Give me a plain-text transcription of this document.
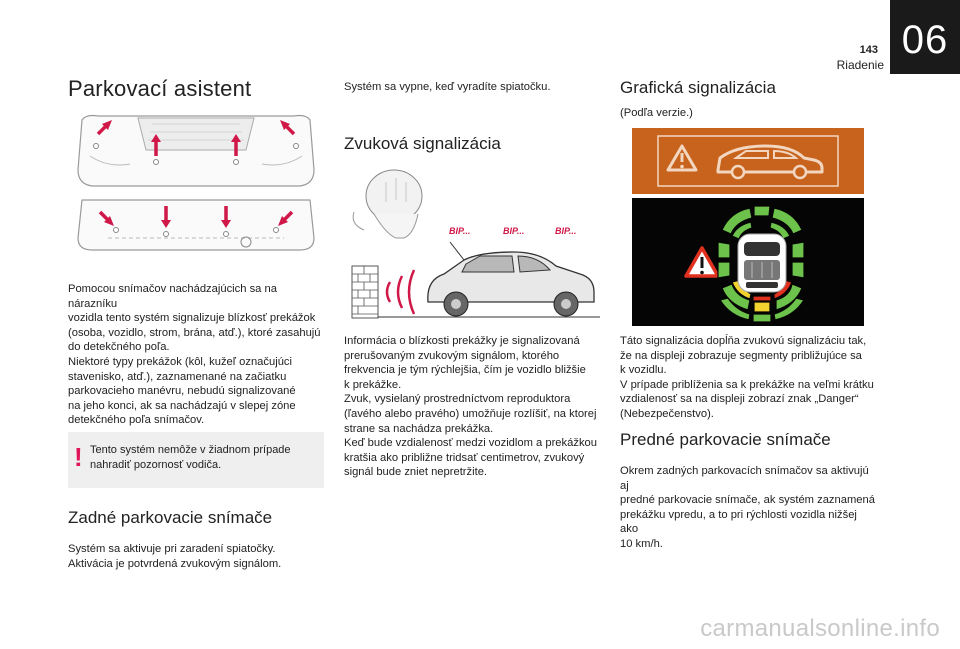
143
Riadenie
06
Parkovací asistent

Pomocou snímačov nachádzajúcich sa na nárazníku
vozidla tento systém signalizuje blízkosť prekážok
(osoba, vozidlo, strom, brána, atď.), ktoré zasahujú
do detekčného poľa.
Niektoré typy prekážok (kôl, kužeľ označujúci
stavenisko, atď.), zaznamenané na začiatku
parkovacieho manévru, nebudú signalizované
na jeho konci, ak sa nachádzajú v slepej zóne
detekčného poľa snímačov.

! Tento systém nemôže v žiadnom prípade
nahradiť pozornosť vodiča.

Zadné parkovacie snímače

Systém sa aktivuje pri zaradení spiatočky.
Aktivácia je potvrdená zvukovým signálom.

Systém sa vypne, keď vyradíte spiatočku.

Zvuková signalizácia
BIP...	BIP...	BIP...

Informácia o blízkosti prekážky je signalizovaná
prerušovaným zvukovým signálom, ktorého
frekvencia je tým rýchlejšia, čím je vozidlo bližšie
k prekážke.
Zvuk, vysielaný prostredníctvom reproduktora
(ľavého alebo pravého) umožňuje rozlíšiť, na ktorej
strane sa nachádza prekážka.
Keď bude vzdialenosť medzi vozidlom a prekážkou
kratšia ako približne tridsať centimetrov, zvukový
signál bude zniet nepretržite.

Grafická signalizácia

(Podľa verzie.)

Táto signalizácia dopĺňa zvukovú signalizáciu tak,
že na displeji zobrazuje segmenty približujúce sa
k vozidlu.
V prípade priblíženia sa k prekážke na veľmi krátku
vzdialenosť sa na displeji zobrazí znak „Danger“
(Nebezpečenstvo).

Predné parkovacie snímače

Okrem zadných parkovacích snímačov sa aktivujú aj
predné parkovacie snímače, ak systém zaznamená
prekážku vpredu, a to pri rýchlosti vozidla nižšej ako
10 km/h.

carmanualsonline.info
